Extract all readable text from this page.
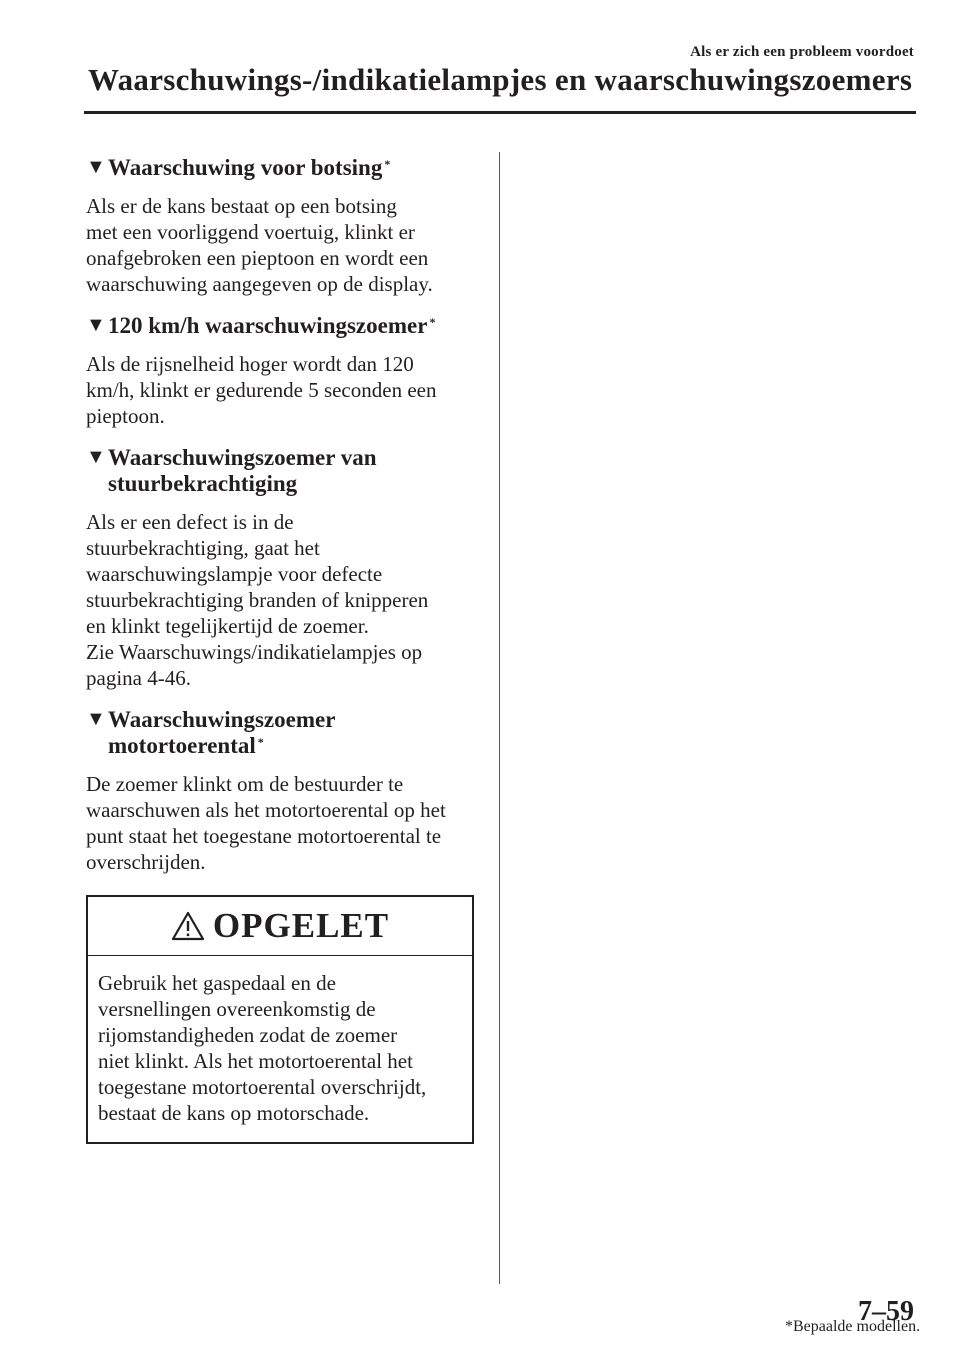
Als er zich een probleem voordoet
Waarschuwings-/indikatielampjes en waarschuwingszoemers
▼ Waarschuwing voor botsing *

Als er de kans bestaat op een botsing
met een voorliggend voertuig, klinkt er
onafgebroken een pieptoon en wordt een
waarschuwing aangegeven op de display.

▼ 120 km/h waarschuwingszoemer *

Als de rijsnelheid hoger wordt dan 120
km/h, klinkt er gedurende 5 seconden een
pieptoon.

▼ Waarschuwingszoemer van stuurbekrachtiging

Als er een defect is in de
stuurbekrachtiging, gaat het
waarschuwingslampje voor defecte
stuurbekrachtiging branden of knipperen
en klinkt tegelijkertijd de zoemer.
Zie Waarschuwings/indikatielampjes op
pagina 4-46.

▼ Waarschuwingszoemer motortoerental *

De zoemer klinkt om de bestuurder te
waarschuwen als het motortoerental op het
punt staat het toegestane motortoerental te
overschrijden.

OPGELET

Gebruik het gaspedaal en de
versnellingen overeenkomstig de
rijomstandigheden zodat de zoemer
niet klinkt. Als het motortoerental het
toegestane motortoerental overschrijdt,
bestaat de kans op motorschade.

*Bepaalde modellen.
7–59
